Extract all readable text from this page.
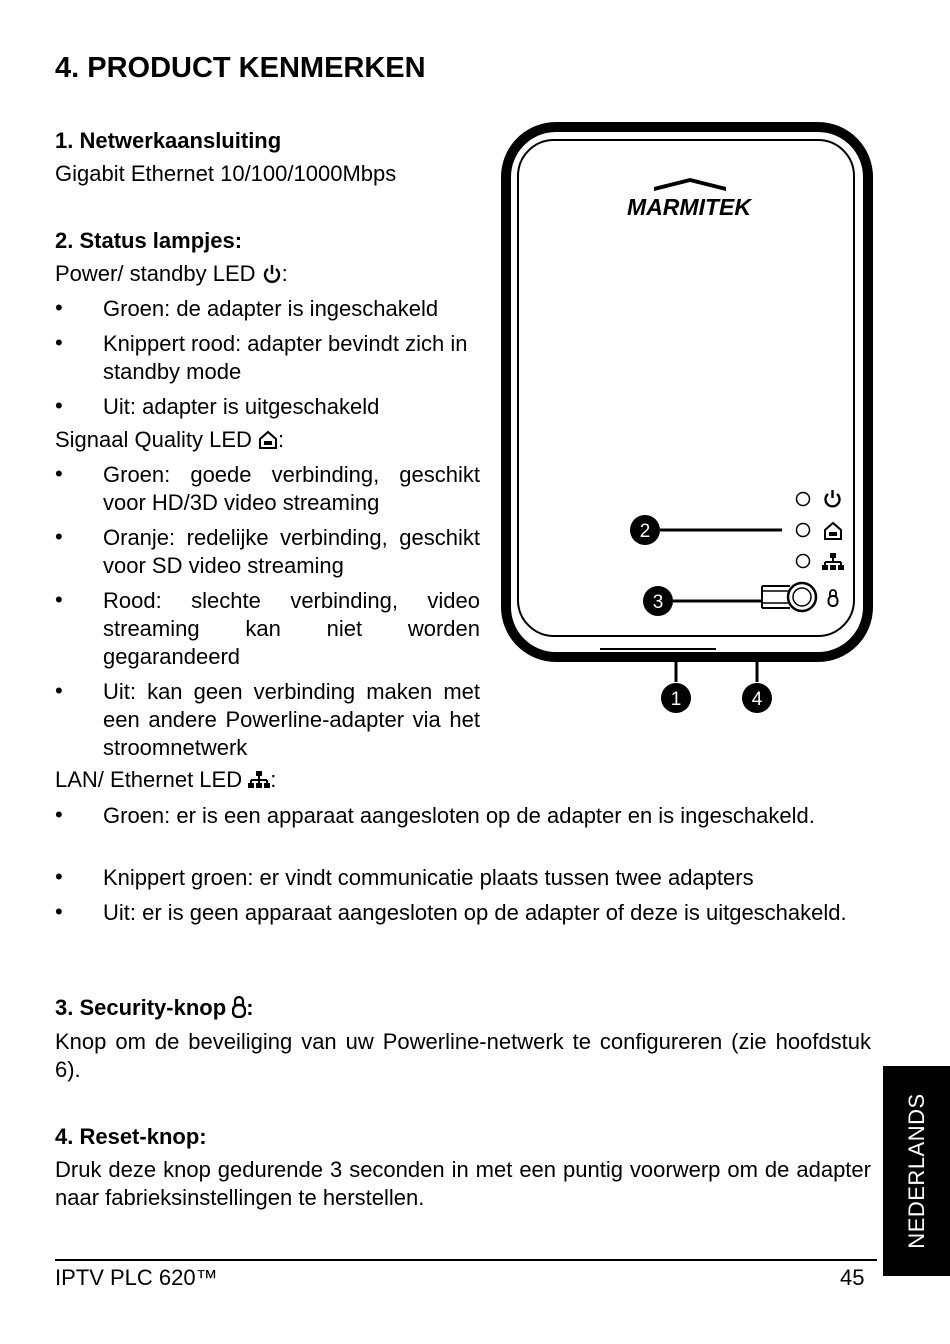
4. PRODUCT KENMERKEN
1. Netwerkaansluiting
Gigabit Ethernet 10/100/1000Mbps
2. Status lampjes:
Power/ standby LED :
• Groen: de adapter is ingeschakeld
• Knippert rood: adapter bevindt zich in standby mode
• Uit: adapter is uitgeschakeld
Signaal Quality LED :
• Groen: goede verbinding, geschikt voor HD/3D video streaming
• Oranje: redelijke verbinding, geschikt voor SD video streaming
• Rood: slechte verbinding, video streaming kan niet worden gegarandeerd
• Uit: kan geen verbinding maken met een andere Powerline-adapter via het stroomnetwerk
LAN/ Ethernet LED :
• Groen: er is een apparaat aangesloten op de adapter en is ingeschakeld.
• Knippert groen: er vindt communicatie plaats tussen twee adapters
• Uit: er is geen apparaat aangesloten op de adapter of deze is uitgeschakeld.
3. Security-knop :
Knop om de beveiliging van uw Powerline-netwerk te configureren (zie hoofdstuk 6).
4. Reset-knop:
Druk deze knop gedurende 3 seconden in met een puntig voorwerp om de adapter naar fabrieksinstellingen te herstellen.
MARMITEK
2
3
1	4
NEDERLANDS
IPTV PLC 620™	45
